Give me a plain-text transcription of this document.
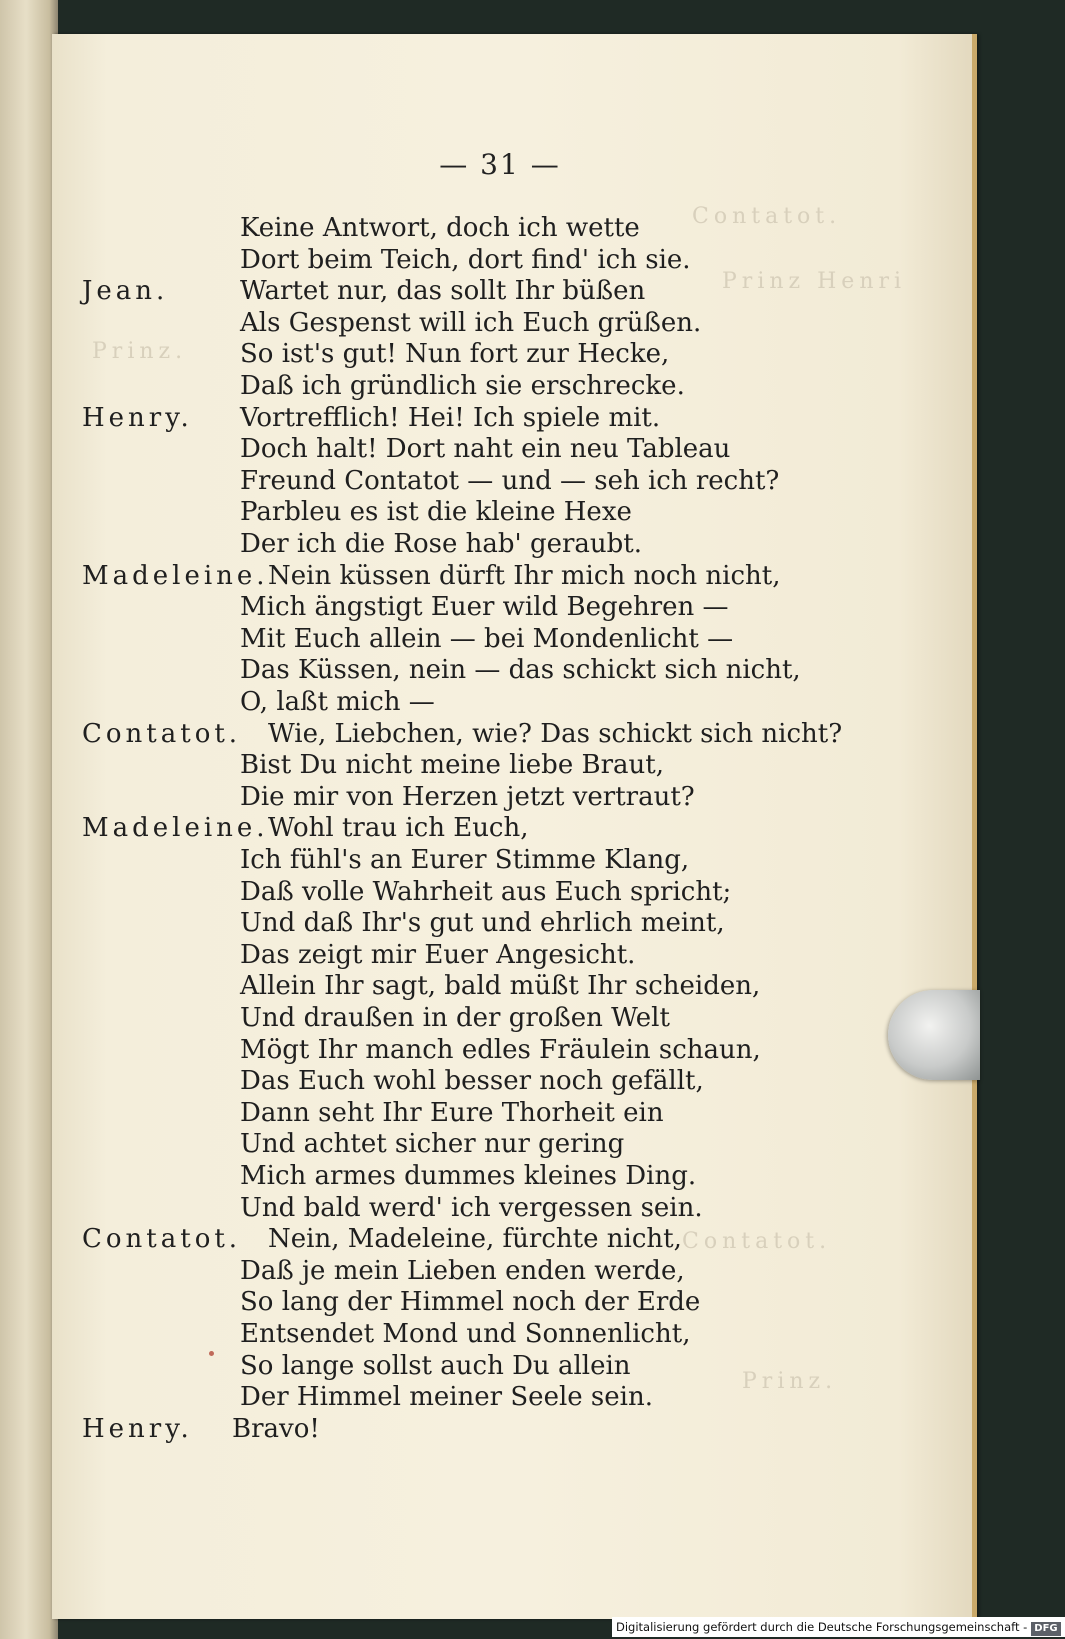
Contatot.
Prinz Henri
Prinz.
Contatot.
Prinz.
— 31 —
Keine Antwort, doch ich wette
Dort beim Teich, dort find' ich sie.
Jean.	Wartet nur, das sollt Ihr büßen
Als Gespenst will ich Euch grüßen.
So ist's gut! Nun fort zur Hecke,
Daß ich gründlich sie erschrecke.
Henry. Vortrefflich! Hei! Ich spiele mit.
Doch halt! Dort naht ein neu Tableau
Freund Contatot — und — seh ich recht?
Parbleu es ist die kleine Hexe
Der ich die Rose hab' geraubt.
Madeleine. Nein küssen dürft Ihr mich noch nicht,
Mich ängstigt Euer wild Begehren —
Mit Euch allein — bei Mondenlicht —
Das Küssen, nein — das schickt sich nicht,
O, laßt mich —
Contatot. Wie, Liebchen, wie? Das schickt sich nicht?
Bist Du nicht meine liebe Braut,
Die mir von Herzen jetzt vertraut?
Madeleine. Wohl trau ich Euch,
Ich fühl's an Eurer Stimme Klang,
Daß volle Wahrheit aus Euch spricht;
Und daß Ihr's gut und ehrlich meint,
Das zeigt mir Euer Angesicht.
Allein Ihr sagt, bald müßt Ihr scheiden,
Und draußen in der großen Welt
Mögt Ihr manch edles Fräulein schaun,
Das Euch wohl besser noch gefällt,
Dann seht Ihr Eure Thorheit ein
Und achtet sicher nur gering
Mich armes dummes kleines Ding.
Und bald werd' ich vergessen sein.
Contatot. Nein, Madeleine, fürchte nicht,
Daß je mein Lieben enden werde,
So lang der Himmel noch der Erde
Entsendet Mond und Sonnenlicht,
So lange sollst auch Du allein
Der Himmel meiner Seele sein.
Henry. Bravo!
Digitalisierung gefördert durch die Deutsche Forschungsgemeinschaft - DFG
